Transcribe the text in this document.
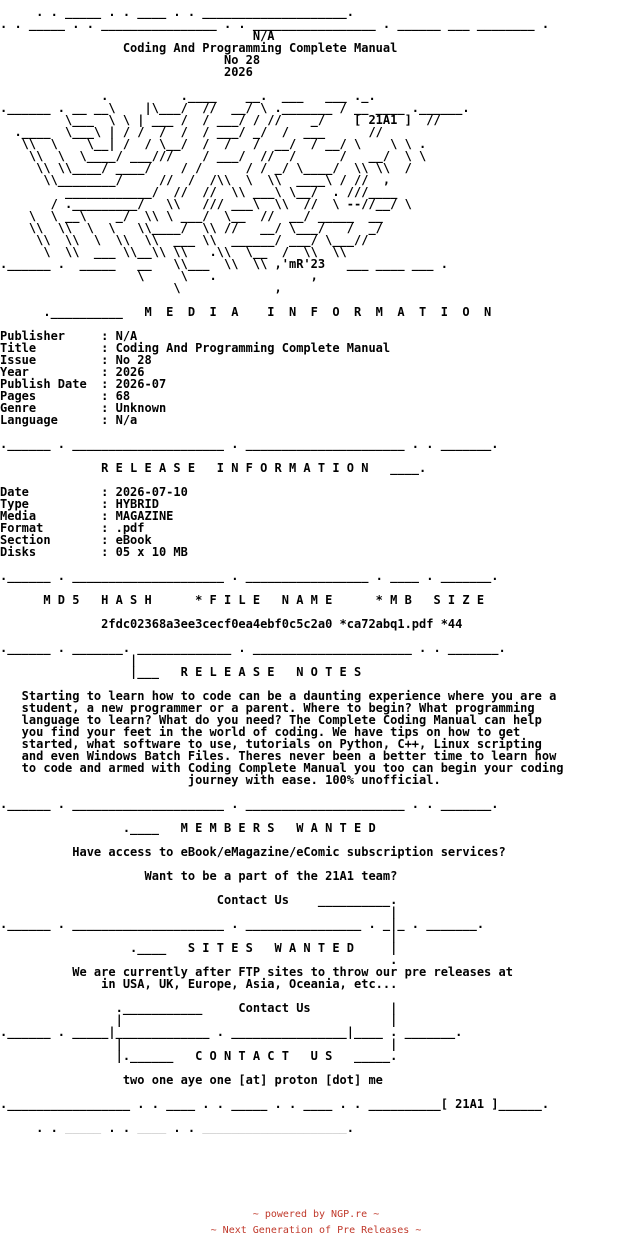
. . _____ . . ____ . . ____________________.
. . _____ . . ________________ . . _________________ . ______ ___ ________ .
N/A
Coding And Programming Complete Manual
No 28
2026

.          .____    __.  ___   ___ ._.
.______ . __ __\    |\___/  //  __/ \ ._______ / __ ____ .______.
\___  \ \ | ___ /  / ___/ / //    _/    [ 21A1 ]  //
.____  \___\ | / /  /  /  / ___/ _/  /  ___      //
\\  \    \__| /  / \__/  /  /   /  __/  / __/ \    \ \ .
\\  \  \____/ ___///    / ___/  //  /      /   __/  \ \
\\ \\____/ ____/    / /      / / _/ \____/  \\ \\  /
\\________/     //  /  /\\  \  \\  ____\ / //  ,
____________/  //  //  \\ ___\ \__/  . ///____
/ ._________/   \\   /// ___\  \\  //  \ --//__/ \
\  \ __\    _/  \\ \ ___/  \__  //  __/ _____  __
\\  \\  \  \   \\____/  \\ //   __/ \___/   /  _/
\\  \\  \  \\  \\  ___ \\  ______/ ___/ \___//
\  \\  ___ \\__\\ \\   .\\  \__  /  \\  \\
.______ .  _____   __   \\___  \\  \\ ,'mR'23   ___ ____ ___ .
\     \   .             ,
\             ,

.__________   M  E  D  I  A    I  N  F  O  R  M  A  T  I  O  N

Publisher     : N/A
Title         : Coding And Programming Complete Manual
Issue         : No 28
Year          : 2026
Publish Date  : 2026-07
Pages         : 68
Genre         : Unknown
Language      : N/a

.______ . _____________________ . ______________________ . . _______.

R E L E A S E   I N F O R M A T I O N   ____.

Date          : 2026-07-10
Type          : HYBRID
Media         : MAGAZINE
Format        : .pdf
Section       : eBook
Disks         : 05 x 10 MB

.______ . _____________________ . _________________ . ____ . _______.

M D 5   H A S H      * F I L E   N A M E      * M B   S I Z E

2fdc02368a3ee3cecf0ea4ebf0c5c2a0 *ca72abq1.pdf *44

.______ . _______. _____________ . ______________________ . . _______.
|
|___   R E L E A S E   N O T E S

Starting to learn how to code can be a daunting experience where you are a
student, a new programmer or a parent. Where to begin? What programming
language to learn? What do you need? The Complete Coding Manual can help
you find your feet in the world of coding. We have tips on how to get
started, what software to use, tutorials on Python, C++, Linux scripting
and even Windows Batch Files. Theres never been a better time to learn how
to code and armed with Coding Complete Manual you too can begin your coding
journey with ease. 100% unofficial.

.______ . _____________________ . ______________________ . . _______.

.____   M E M B E R S   W A N T E D

Have access to eBook/eMagazine/eComic subscription services?

Want to be a part of the 21A1 team?

Contact Us    __________.
|
.______ . _____________________ . ________________ . _|_ . _______.
|
.____   S I T E S   W A N T E D     |
.
We are currently after FTP sites to throw our pre releases at
in USA, UK, Europe, Asia, Oceania, etc...

.___________     Contact Us           |
|                                     |
.______ . _____|_____________ . ________________|____ . _______.
|                                     |
|.______   C O N T A C T   U S   _____.

two one aye one [at] proton [dot] me

._________________ . . ____ . . _____ . . ____ . . __________[ 21A1 ]______.

. . _____ . . ____ . . ____________________.

~ powered by NGP.re ~
~ Next Generation of Pre Releases ~
